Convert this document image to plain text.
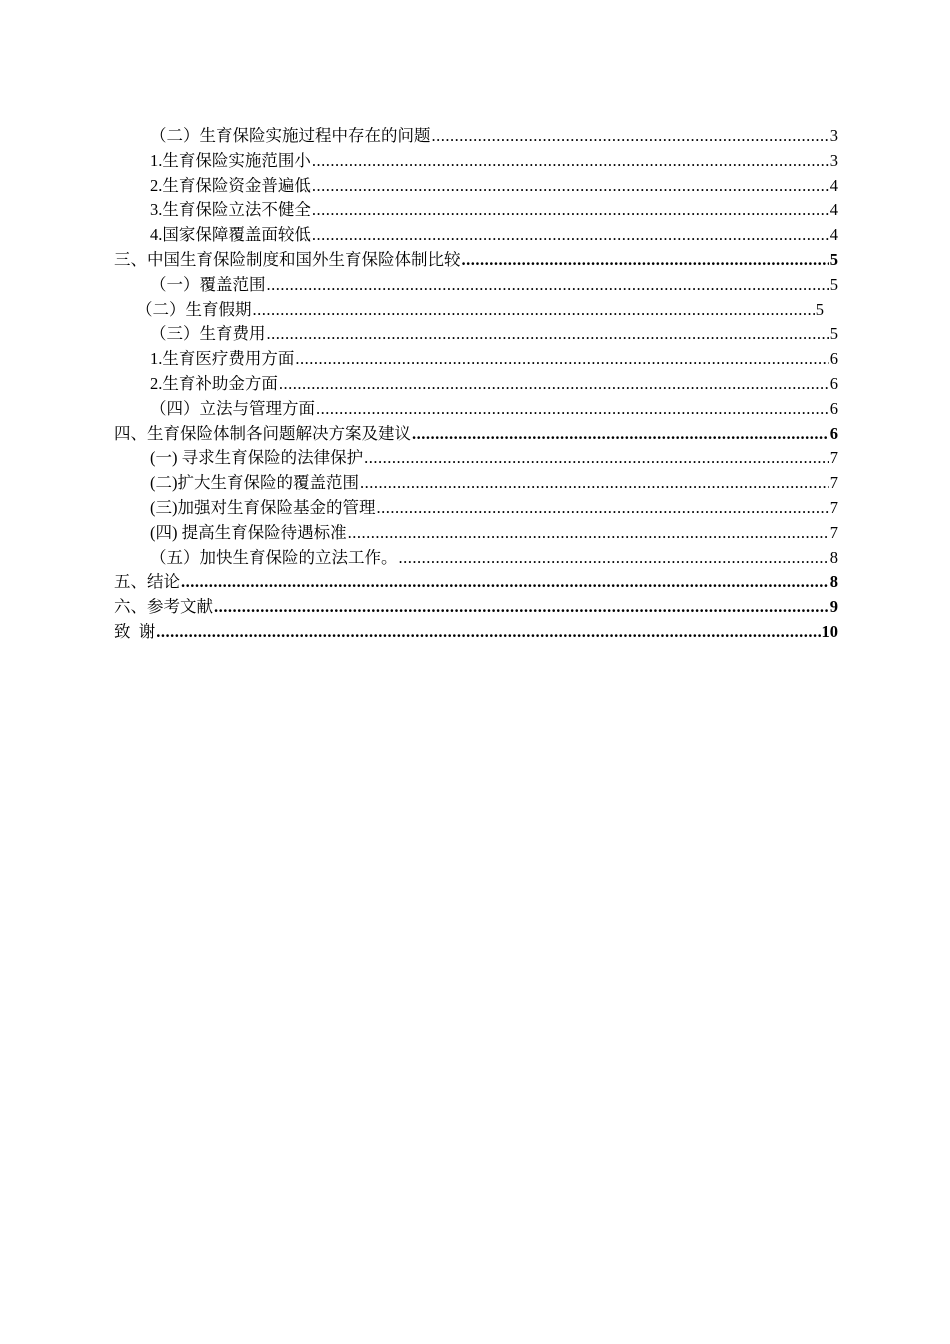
（二）生育保险实施过程中存在的问题 .....	3
1.生育保险实施范围小 .....	3
2.生育保险资金普遍低 .....	4
3.生育保险立法不健全 .....	4
4.国家保障覆盖面较低 .....	4
三、中国生育保险制度和国外生育保险体制比较 .....	5
（一）覆盖范围 .....	5
（二）生育假期 .....	5
（三）生育费用 .....	5
1.生育医疗费用方面 .....	6
2.生育补助金方面 .....	6
（四）立法与管理方面 .....	6
四、生育保险体制各问题解决方案及建议 .....	6
(一) 寻求生育保险的法律保护 .....	7
(二)扩大生育保险的覆盖范围 .....	7
(三)加强对生育保险基金的管理 .....	7
(四) 提高生育保险待遇标准 .....	7
（五）加快生育保险的立法工作。 .....	8
五、结论 .....	8
六、参考文献 .....	9
致  谢 .....	10
